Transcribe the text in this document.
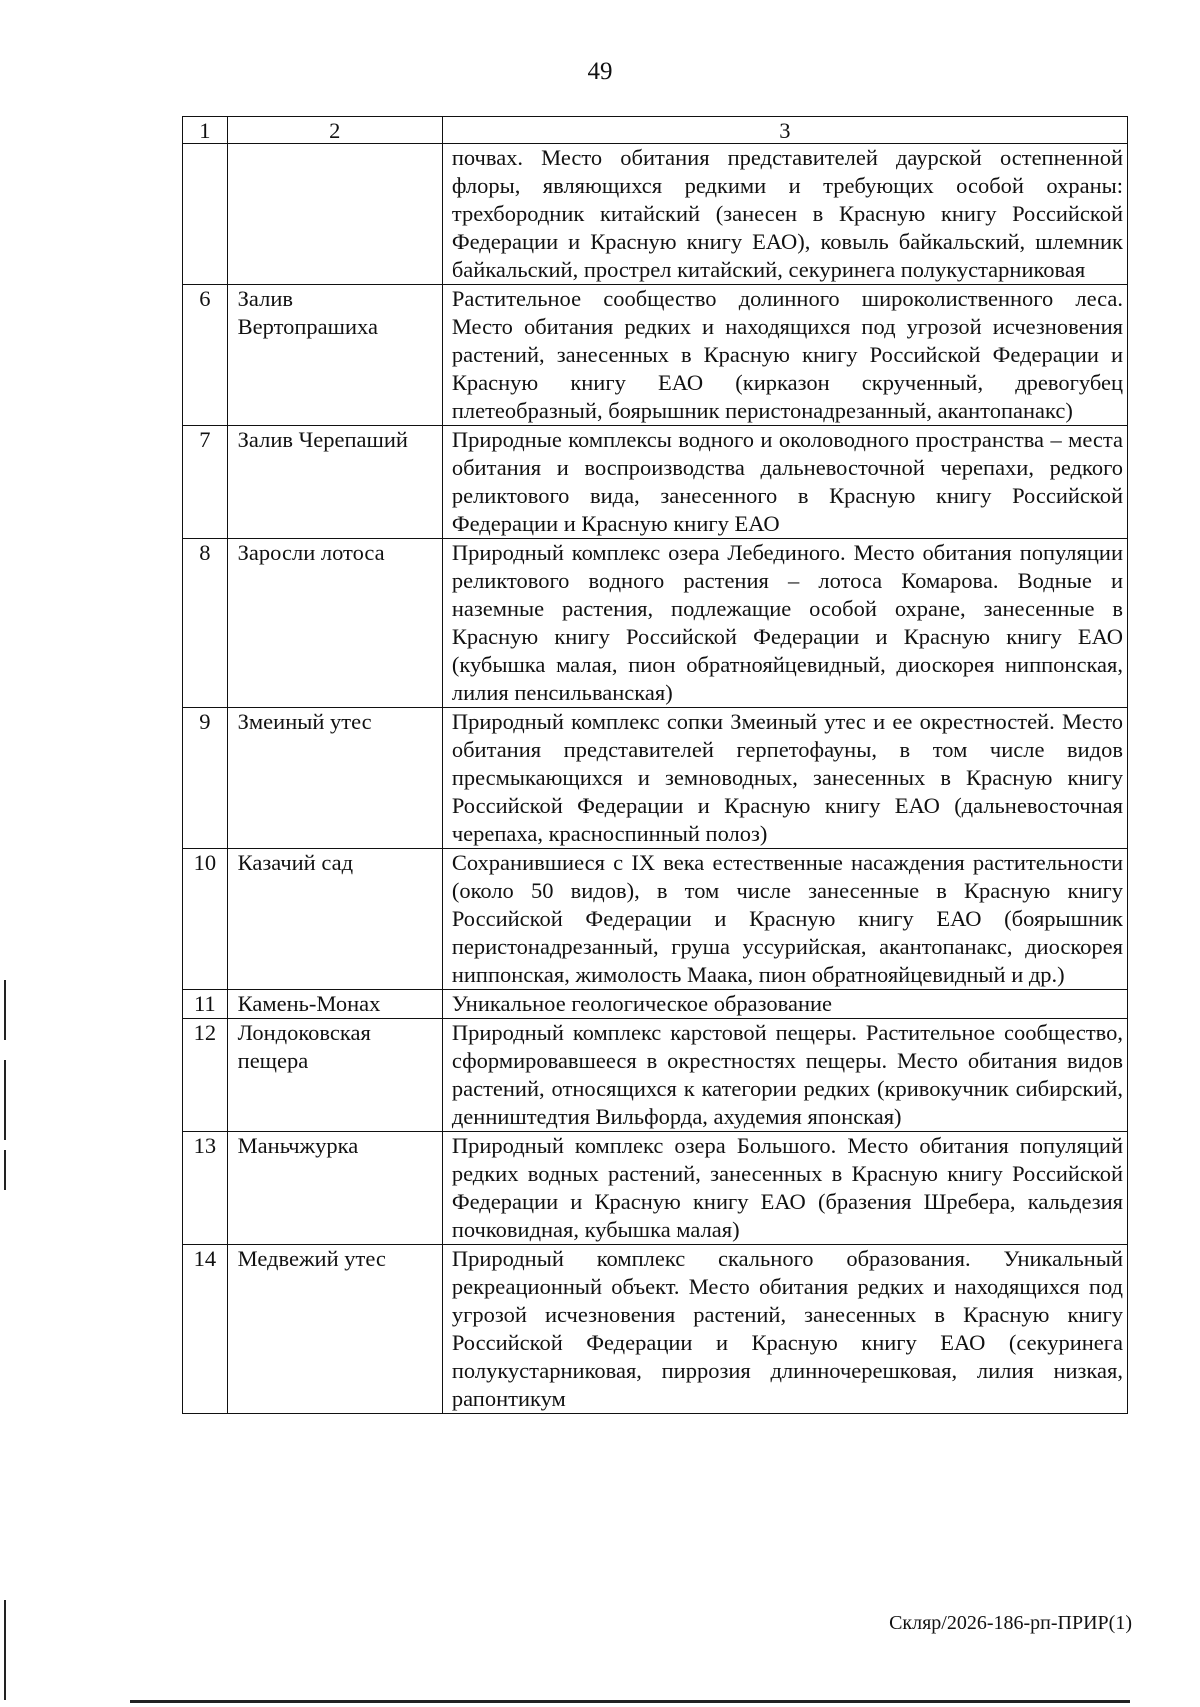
49
1	2	3
		почвах. Место обитания представителей даурской остепненной флоры, являющихся редкими и требующих особой охраны: трехбородник китайский (занесен в Красную книгу Российской Федерации и Красную книгу ЕАО), ковыль байкальский, шлемник байкальский, прострел китайский, секуринега полукустарниковая
6	Залив Вертопрашиха	Растительное сообщество долинного широколиственного леса. Место обитания редких и находящихся под угрозой исчезновения растений, занесенных в Красную книгу Российской Федерации и Красную книгу ЕАО (кирказон скрученный, древогубец плетеобразный, боярышник перистонадрезанный, акантопанакс)
7	Залив Черепаший	Природные комплексы водного и околоводного пространства – места обитания и воспроизводства дальневосточной черепахи, редкого реликтового вида, занесенного в Красную книгу Российской Федерации и Красную книгу ЕАО
8	Заросли лотоса	Природный комплекс озера Лебединого. Место обитания популяции реликтового водного растения – лотоса Комарова. Водные и наземные растения, подлежащие особой охране, занесенные в Красную книгу Российской Федерации и Красную книгу ЕАО (кубышка малая, пион обратнояйцевидный, диоскорея ниппонская, лилия пенсильванская)
9	Змеиный утес	Природный комплекс сопки Змеиный утес и ее окрестностей. Место обитания представителей герпетофауны, в том числе видов пресмыкающихся и земноводных, занесенных в Красную книгу Российской Федерации и Красную книгу ЕАО (дальневосточная черепаха, красноспинный полоз)
10	Казачий сад	Сохранившиеся с IX века естественные насаждения растительности (около 50 видов), в том числе занесенные в Красную книгу Российской Федерации и Красную книгу ЕАО (боярышник перистонадрезанный, груша уссурийская, акантопанакс, диоскорея ниппонская, жимолость Маака, пион обратнояйцевидный и др.)
11	Камень-Монах	Уникальное геологическое образование
12	Лондоковская пещера	Природный комплекс карстовой пещеры. Растительное сообщество, сформировавшееся в окрестностях пещеры. Место обитания видов растений, относящихся к категории редких (кривокучник сибирский, денништедтия Вильфорда, ахудемия японская)
13	Маньчжурка	Природный комплекс озера Большого. Место обитания популяций редких водных растений, занесенных в Красную книгу Российской Федерации и Красную книгу ЕАО (бразения Шребера, кальдезия почковидная, кубышка малая)
14	Медвежий утес	Природный комплекс скального образования. Уникальный рекреационный объект. Место обитания редких и находящихся под угрозой исчезновения растений, занесенных в Красную книгу Российской Федерации и Красную книгу ЕАО (секуринега полукустарниковая, пиррозия длинночерешковая, лилия низкая, рапонтикум
Скляр/2026-186-рп-ПРИР(1)
